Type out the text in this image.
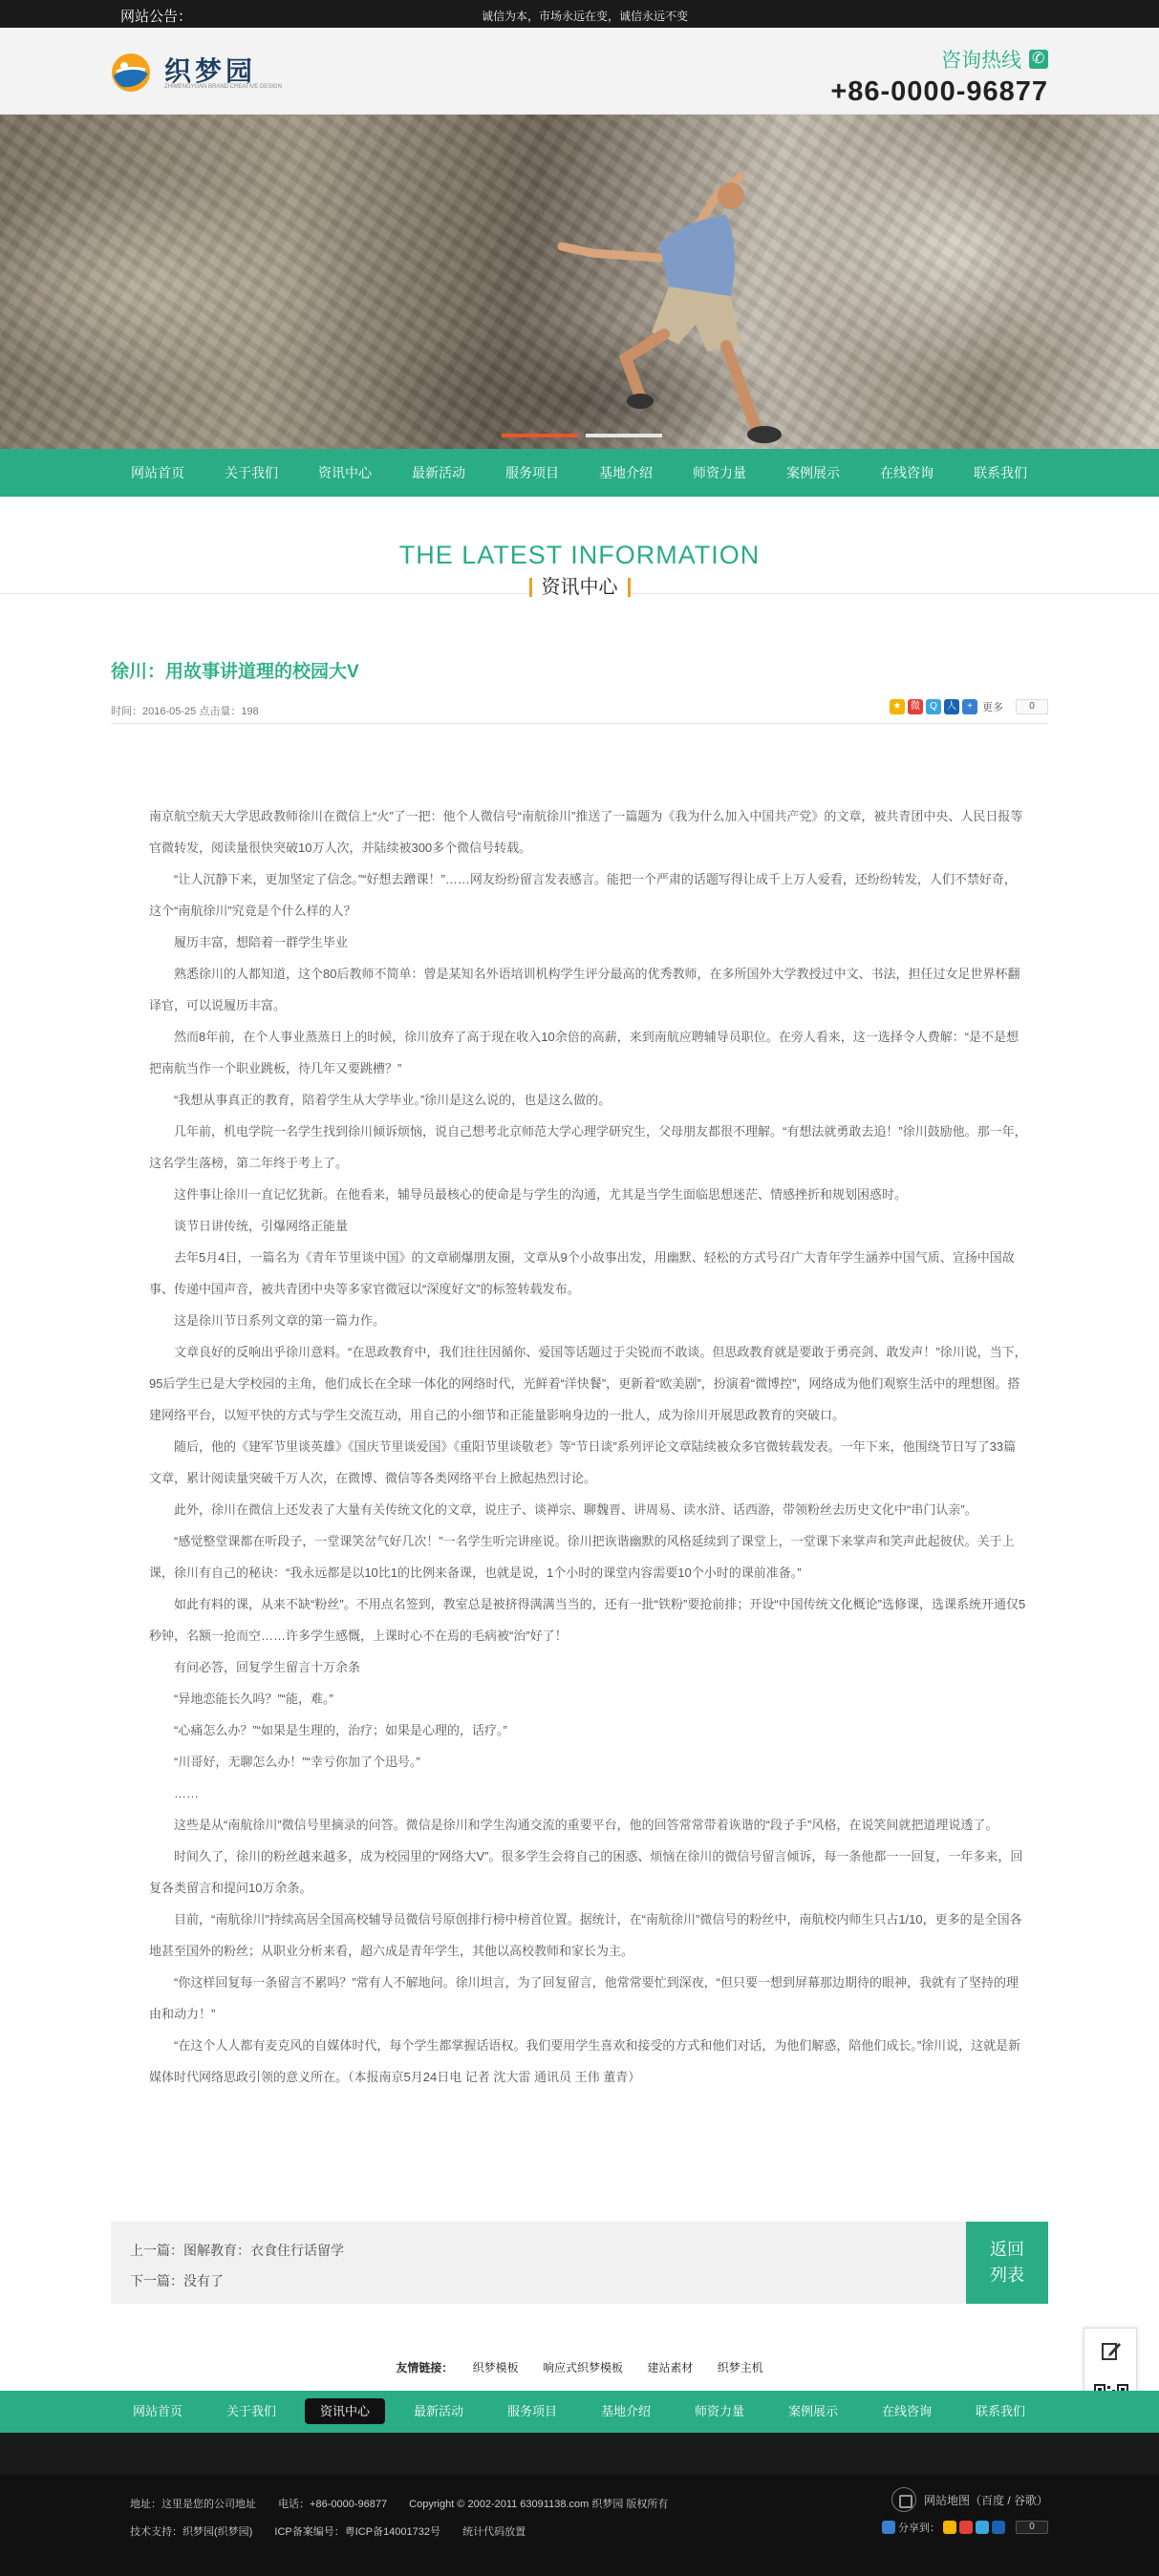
网站公告：	诚信为本，市场永远在变，诚信永远不变
织梦园
ZHIMENGYUAN BRAND CREATIVE DESIGN
咨询热线
✆
+86-0000-96877
网站首页	关于我们	资讯中心	最新活动	服务项目	基地介绍	师资力量	案例展示	在线咨询	联系我们
THE LATEST INFORMATION
资讯中心
徐川：用故事讲道理的校园大V
时间：2016-05-25 点击量：198	★ 微	Q	人	+ 更多	0

南京航空航天大学思政教师徐川在微信上“火”了一把：他个人微信号“南航徐川”推送了一篇题为《我为什么加入中国共产党》的文章，被共青团中央、人民日报等官微转发，阅读量很快突破10万人次，并陆续被300多个微信号转载。

“让人沉静下来，更加坚定了信念。”“好想去蹭课！”……网友纷纷留言发表感言。能把一个严肃的话题写得让成千上万人爱看，还纷纷转发，人们不禁好奇，这个“南航徐川”究竟是个什么样的人？

履历丰富，想陪着一群学生毕业

熟悉徐川的人都知道，这个80后教师不简单：曾是某知名外语培训机构学生评分最高的优秀教师，在多所国外大学教授过中文、书法，担任过女足世界杯翻译官，可以说履历丰富。

然而8年前，在个人事业蒸蒸日上的时候，徐川放弃了高于现在收入10余倍的高薪，来到南航应聘辅导员职位。在旁人看来，这一选择令人费解：“是不是想把南航当作一个职业跳板，待几年又要跳槽？”

“我想从事真正的教育，陪着学生从大学毕业。”徐川是这么说的，也是这么做的。

几年前，机电学院一名学生找到徐川倾诉烦恼，说自己想考北京师范大学心理学研究生，父母朋友都很不理解。“有想法就勇敢去追！”徐川鼓励他。那一年，这名学生落榜，第二年终于考上了。

这件事让徐川一直记忆犹新。在他看来，辅导员最核心的使命是与学生的沟通，尤其是当学生面临思想迷茫、情感挫折和规划困惑时。

谈节日讲传统，引爆网络正能量

去年5月4日，一篇名为《青年节里谈中国》的文章刷爆朋友圈，文章从9个小故事出发，用幽默、轻松的方式号召广大青年学生涵养中国气质、宣扬中国故事、传递中国声音，被共青团中央等多家官微冠以“深度好文”的标签转载发布。

这是徐川节日系列文章的第一篇力作。

文章良好的反响出乎徐川意料。“在思政教育中，我们往往因循你、爱国等话题过于尖锐而不敢谈。但思政教育就是要敢于勇亮剑、敢发声！”徐川说，当下，95后学生已是大学校园的主角，他们成长在全球一体化的网络时代，光鲜着“洋快餐”，更新着“欧美剧”，扮演着“微博控”，网络成为他们观察生活中的理想图。搭建网络平台，以短平快的方式与学生交流互动，用自己的小细节和正能量影响身边的一批人，成为徐川开展思政教育的突破口。

随后，他的《建军节里谈英雄》《国庆节里谈爱国》《重阳节里谈敬老》等“节日谈”系列评论文章陆续被众多官微转载发表。一年下来，他围绕节日写了33篇文章，累计阅读量突破千万人次，在微博、微信等各类网络平台上掀起热烈讨论。

此外，徐川在微信上还发表了大量有关传统文化的文章，说庄子、谈禅宗、聊魏晋、讲周易、读水浒、话西游，带领粉丝去历史文化中“串门认亲”。

“感觉整堂课都在听段子，一堂课笑岔气好几次！”一名学生听完讲座说。徐川把诙谐幽默的风格延续到了课堂上，一堂课下来掌声和笑声此起彼伏。关于上课，徐川有自己的秘诀：“我永远都是以10比1的比例来备课，也就是说，1个小时的课堂内容需要10个小时的课前准备。”

如此有料的课，从来不缺“粉丝”。不用点名签到，教室总是被挤得满满当当的，还有一批“铁粉”要抢前排；开设“中国传统文化概论”选修课，选课系统开通仅5秒钟，名额一抢而空……许多学生感慨，上课时心不在焉的毛病被“治”好了！

有问必答，回复学生留言十万余条

“异地恋能长久吗？”“能，难。”

“心痛怎么办？”“如果是生理的，治疗；如果是心理的，话疗。”

“川哥好，无聊怎么办！”“幸亏你加了个迅号。”

……

这些是从“南航徐川”微信号里摘录的问答。微信是徐川和学生沟通交流的重要平台，他的回答常常带着诙谐的“段子手”风格，在说笑间就把道理说透了。

时间久了，徐川的粉丝越来越多，成为校园里的“网络大V”。很多学生会将自己的困惑、烦恼在徐川的微信号留言倾诉，每一条他都一一回复，一年多来，回复各类留言和提问10万余条。

目前，“南航徐川”持续高居全国高校辅导员微信号原创排行榜中榜首位置。据统计，在“南航徐川”微信号的粉丝中，南航校内师生只占1/10，更多的是全国各地甚至国外的粉丝；从职业分析来看，超六成是青年学生，其他以高校教师和家长为主。

“你这样回复每一条留言不累吗？”常有人不解地问。徐川坦言，为了回复留言，他常常要忙到深夜，“但只要一想到屏幕那边期待的眼神，我就有了坚持的理由和动力！”

“在这个人人都有麦克风的自媒体时代，每个学生都掌握话语权。我们要用学生喜欢和接受的方式和他们对话，为他们解惑，陪他们成长。”徐川说，这就是新媒体时代网络思政引领的意义所在。（本报南京5月24日电 记者 沈大雷 通讯员 王伟 董青）

上一篇：图解教育：衣食住行话留学
下一篇：没有了
返回列表
友情链接： 织梦模板 响应式织梦模板 建站素材 织梦主机
网站首页	关于我们	资讯中心	最新活动	服务项目	基地介绍	师资力量	案例展示	在线咨询	联系我们
地址：这里是您的公司地址 电话：+86-0000-96877 Copyright © 2002-2011 63091138.com 织梦园 版权所有
技术支持：织梦园(织梦园) ICP备案编号：粤ICP备14001732号 统计代码放置
网站地图（百度 / 谷歌）
分享到：	0
